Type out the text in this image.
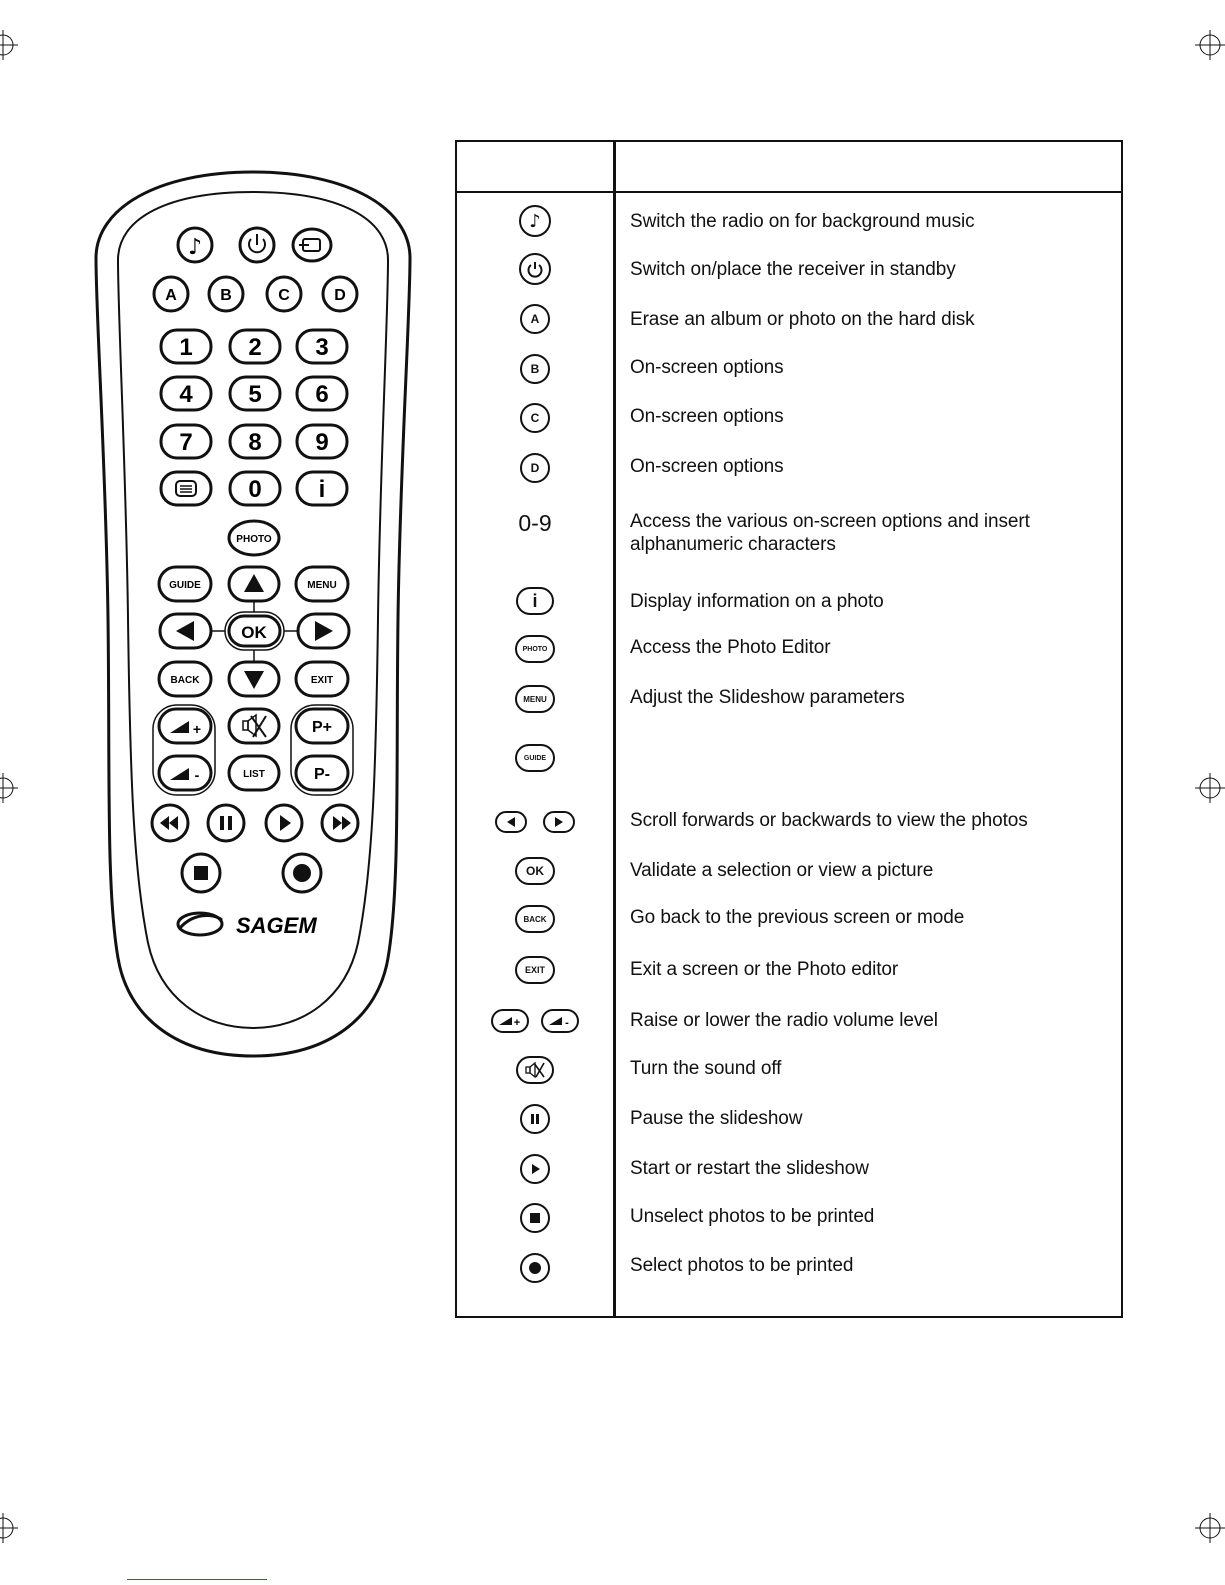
♪
A	B	C	D
1 2 3
4 5 6
7 8 9
0 i
PHOTO
GUIDE	MENU
OK
BACK	EXIT
+
-	LIST
P+
P-
SAGEM
♪	Switch the radio on for background music
Switch on/place the receiver in standby
A	Erase an album or photo on the hard disk
B	On-screen options
C	On-screen options
D	On-screen options
0-9	Access the various on-screen options and insert alphanumeric characters
i	Display information on a photo
PHOTO	Access the Photo Editor
MENU	Adjust the Slideshow parameters
GUIDE
Scroll forwards or backwards to view the photos
OK	Validate a selection or view a picture
BACK	Go back to the previous screen or mode
EXIT	Exit a screen or the Photo editor
+	-	Raise or lower the radio volume level
Turn the sound off
Pause the slideshow
Start or restart the slideshow
Unselect photos to be printed
Select photos to be printed
